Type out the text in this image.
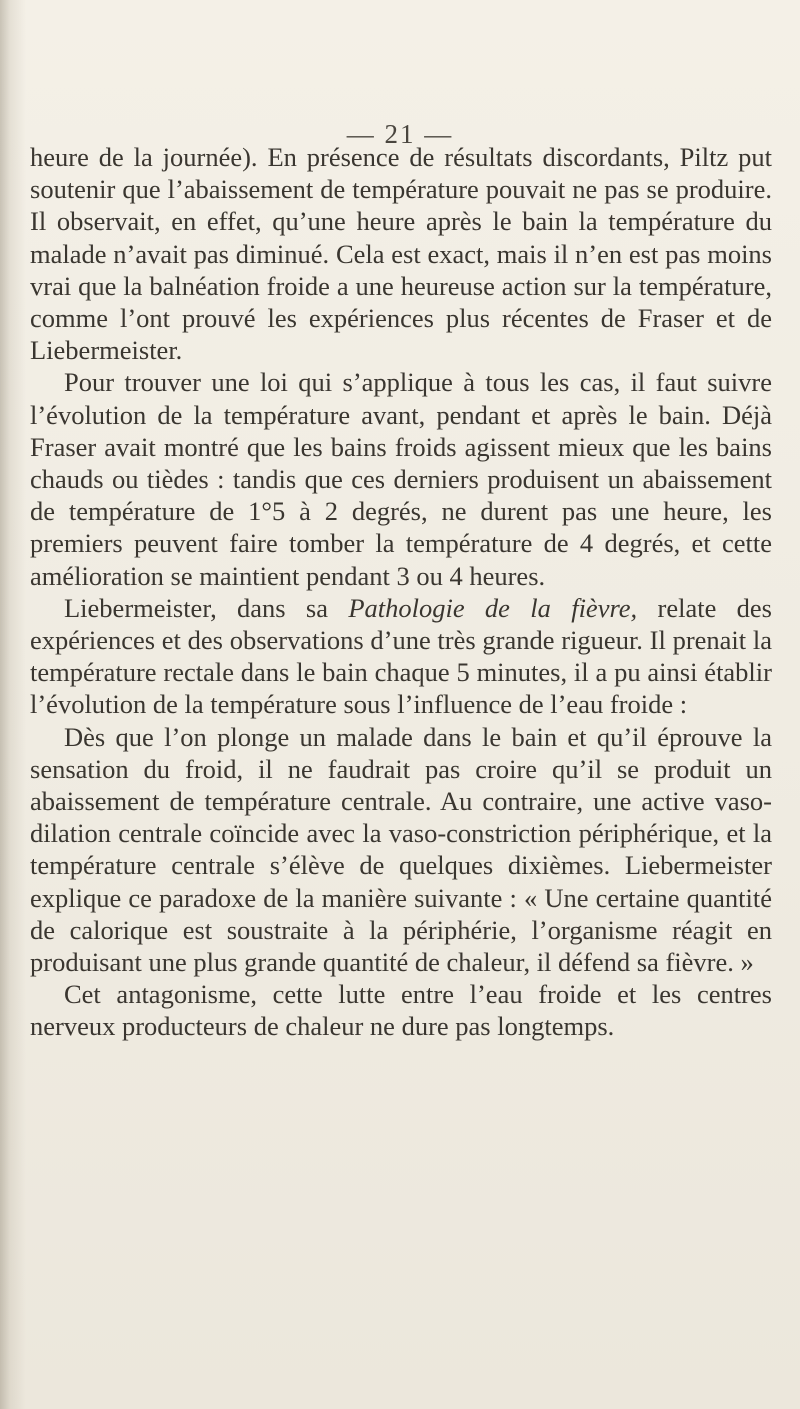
— 21 —

heure de la journée). En présence de résultats discordants, Piltz put soutenir que l’abaissement de température pouvait ne pas se produire. Il observait, en effet, qu’une heure après le bain la température du malade n’avait pas diminué. Cela est exact, mais il n’en est pas moins vrai que la balnéation froide a une heureuse action sur la température, comme l’ont prouvé les expériences plus récentes de Fraser et de Liebermeister.

Pour trouver une loi qui s’applique à tous les cas, il faut suivre l’évolution de la température avant, pendant et après le bain. Déjà Fraser avait montré que les bains froids agissent mieux que les bains chauds ou tièdes : tandis que ces derniers produisent un abaissement de température de 1°5 à 2 degrés, ne durent pas une heure, les premiers peuvent faire tomber la température de 4 degrés, et cette amélioration se maintient pendant 3 ou 4 heures.

Liebermeister, dans sa Pathologie de la fièvre, relate des expériences et des observations d’une très grande rigueur. Il prenait la température rectale dans le bain chaque 5 minutes, il a pu ainsi établir l’évolution de la température sous l’influence de l’eau froide :

Dès que l’on plonge un malade dans le bain et qu’il éprouve la sensation du froid, il ne faudrait pas croire qu’il se produit un abaissement de température centrale. Au contraire, une active vaso-dilation centrale coïncide avec la vaso-constriction périphérique, et la température centrale s’élève de quelques dixièmes. Liebermeister explique ce paradoxe de la manière suivante : « Une certaine quantité de calorique est soustraite à la périphérie, l’organisme réagit en produisant une plus grande quantité de chaleur, il défend sa fièvre. »

Cet antagonisme, cette lutte entre l’eau froide et les centres nerveux producteurs de chaleur ne dure pas longtemps.
